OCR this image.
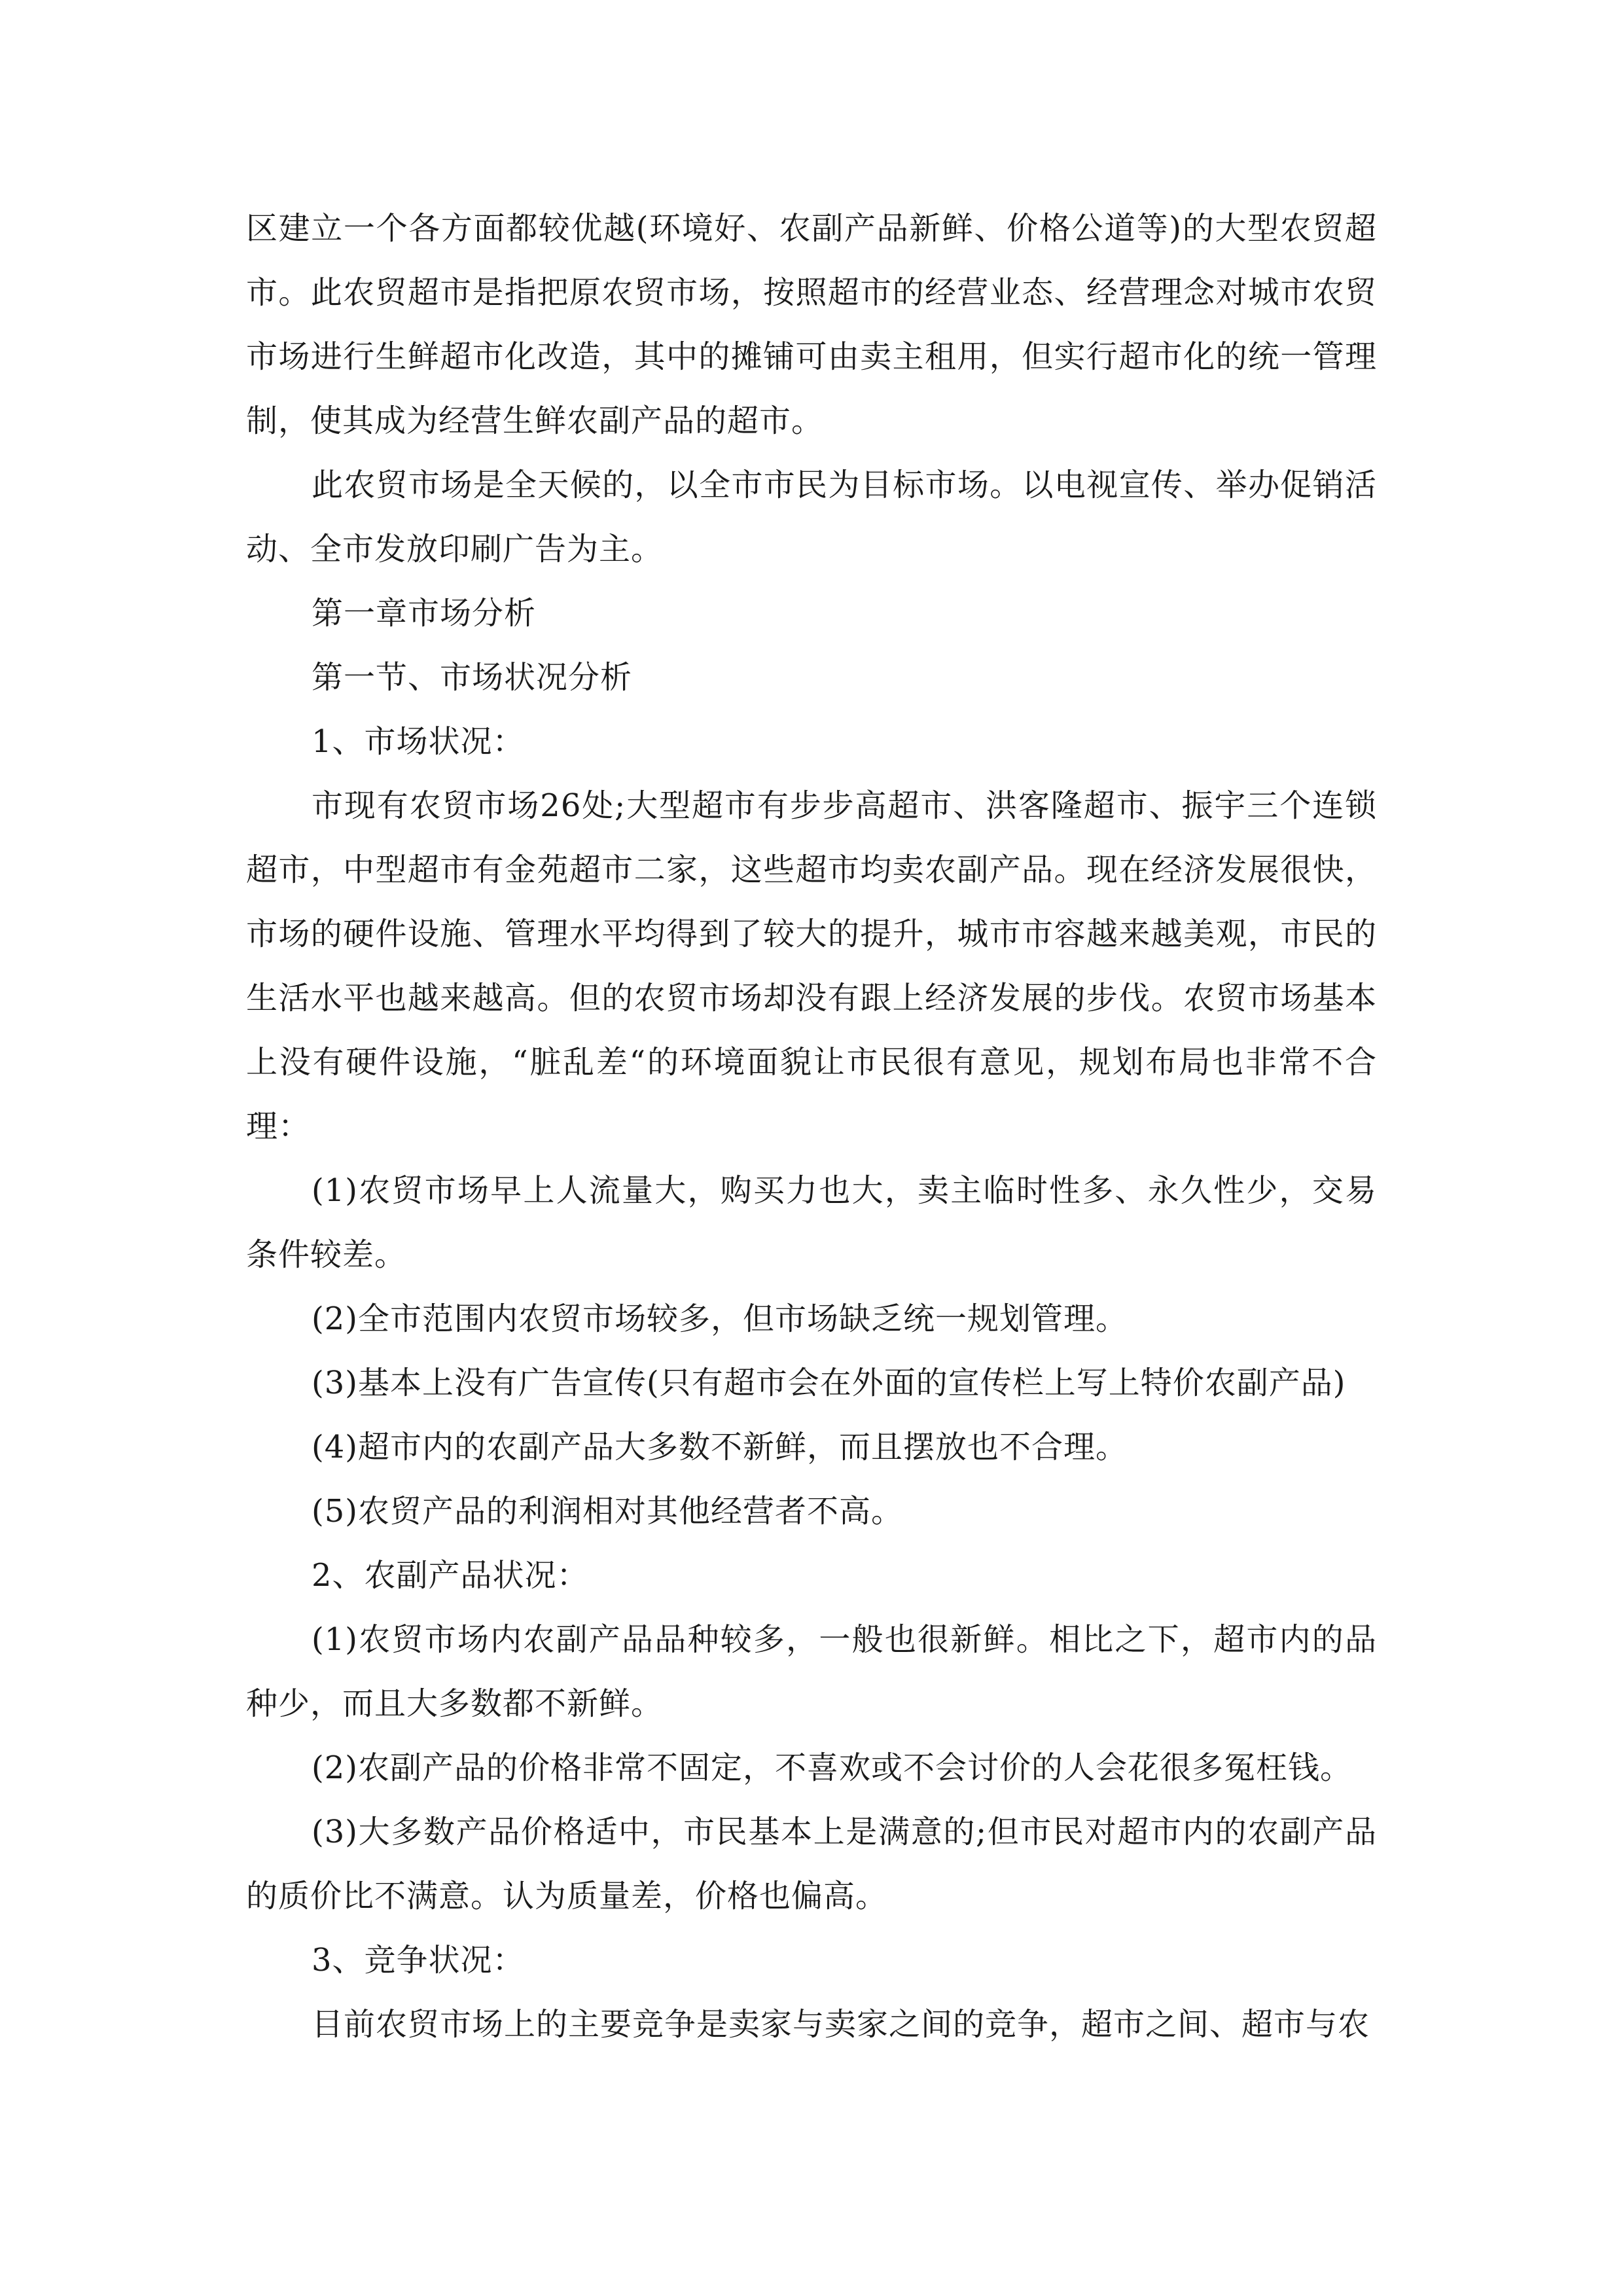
区建立一个各方面都较优越(环境好、农副产品新鲜、价格公道等)的大型农贸超市。此农贸超市是指把原农贸市场，按照超市的经营业态、经营理念对城市农贸市场进行生鲜超市化改造，其中的摊铺可由卖主租用，但实行超市化的统一管理制，使其成为经营生鲜农副产品的超市。

此农贸市场是全天候的，以全市市民为目标市场。以电视宣传、举办促销活动、全市发放印刷广告为主。

第一章市场分析

第一节、市场状况分析

1、市场状况：

市现有农贸市场26处;大型超市有步步高超市、洪客隆超市、振宇三个连锁超市，中型超市有金苑超市二家，这些超市均卖农副产品。现在经济发展很快，市场的硬件设施、管理水平均得到了较大的提升，城市市容越来越美观，市民的生活水平也越来越高。但的农贸市场却没有跟上经济发展的步伐。农贸市场基本上没有硬件设施，“脏乱差“的环境面貌让市民很有意见，规划布局也非常不合理：

(1)农贸市场早上人流量大，购买力也大，卖主临时性多、永久性少，交易条件较差。

(2)全市范围内农贸市场较多，但市场缺乏统一规划管理。

(3)基本上没有广告宣传(只有超市会在外面的宣传栏上写上特价农副产品)

(4)超市内的农副产品大多数不新鲜，而且摆放也不合理。

(5)农贸产品的利润相对其他经营者不高。

2、农副产品状况：

(1)农贸市场内农副产品品种较多，一般也很新鲜。相比之下，超市内的品种少，而且大多数都不新鲜。

(2)农副产品的价格非常不固定，不喜欢或不会讨价的人会花很多冤枉钱。

(3)大多数产品价格适中，市民基本上是满意的;但市民对超市内的农副产品的质价比不满意。认为质量差，价格也偏高。

3、竞争状况：

目前农贸市场上的主要竞争是卖家与卖家之间的竞争，超市之间、超市与农
